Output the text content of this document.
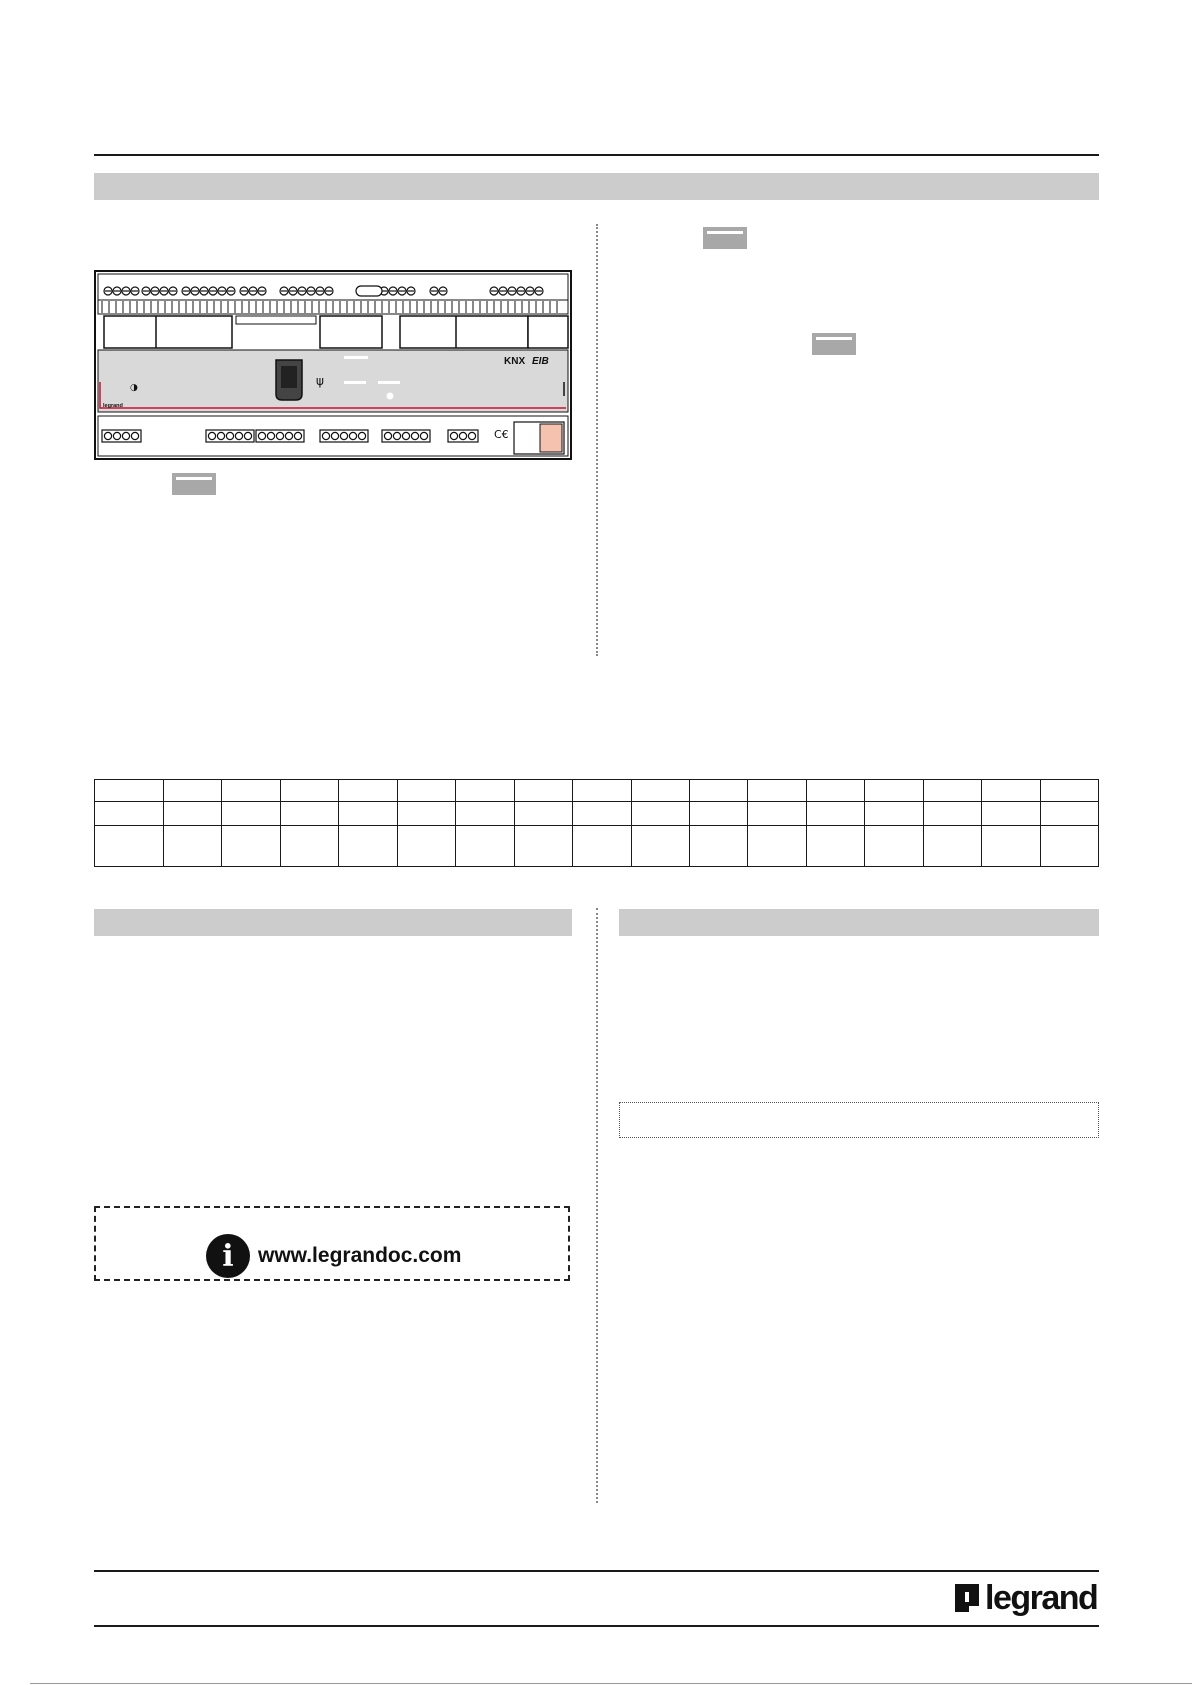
ψ
◑
KNX EIB
legrand
C€

i	www.legrandoc.com
legrand
